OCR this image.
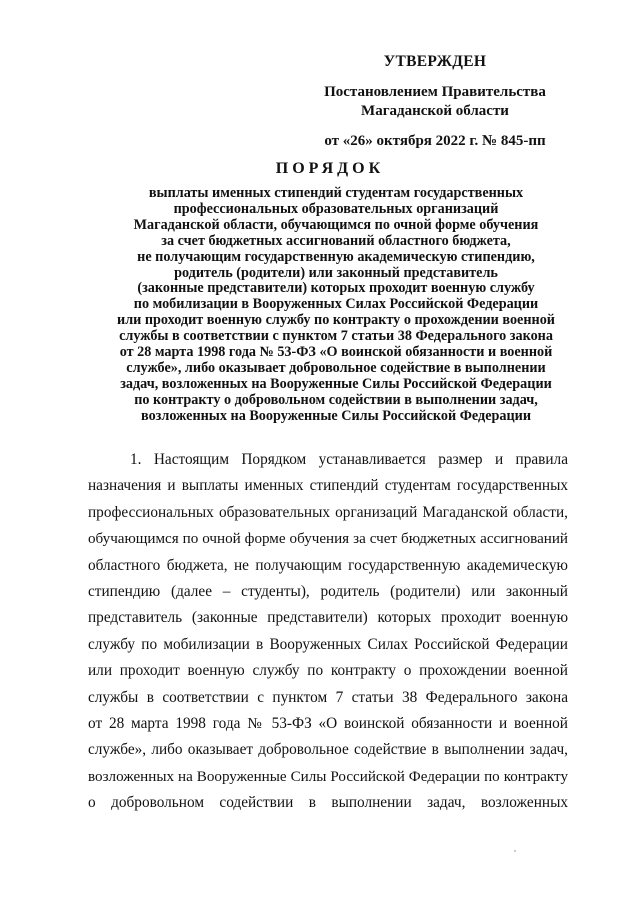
УТВЕРЖДЕН
Постановлением Правительства
Магаданской области
от «26» октября 2022 г. № 845-пп
ПОРЯДОК
выплаты именных стипендий студентам государственных
профессиональных образовательных организаций
Магаданской области, обучающимся по очной форме обучения
за счет бюджетных ассигнований областного бюджета,
не получающим государственную академическую стипендию,
родитель (родители) или законный представитель
(законные представители) которых проходит военную службу
по мобилизации в Вооруженных Силах Российской Федерации
или проходит военную службу по контракту о прохождении военной
службы в соответствии с пунктом 7 статьи 38 Федерального закона
от 28 марта 1998 года № 53-ФЗ «О воинской обязанности и военной
службе», либо оказывает добровольное содействие в выполнении
задач, возложенных на Вооруженные Силы Российской Федерации
по контракту о добровольном содействии в выполнении задач,
возложенных на Вооруженные Силы Российской Федерации
1. Настоящим Порядком устанавливается размер и правила
назначения и выплаты именных стипендий студентам государственных
профессиональных образовательных организаций Магаданской области,
обучающимся по очной форме обучения за счет бюджетных ассигнований
областного бюджета, не получающим государственную академическую
стипендию (далее – студенты), родитель (родители) или законный
представитель (законные представители) которых проходит военную
службу по мобилизации в Вооруженных Силах Российской Федерации
или проходит военную службу по контракту о прохождении военной
службы в соответствии с пунктом 7 статьи 38 Федерального закона
от 28 марта 1998 года № 53-ФЗ «О воинской обязанности и военной
службе», либо оказывает добровольное содействие в выполнении задач,
возложенных на Вооруженные Силы Российской Федерации по контракту
о добровольном содействии в выполнении задач, возложенных
